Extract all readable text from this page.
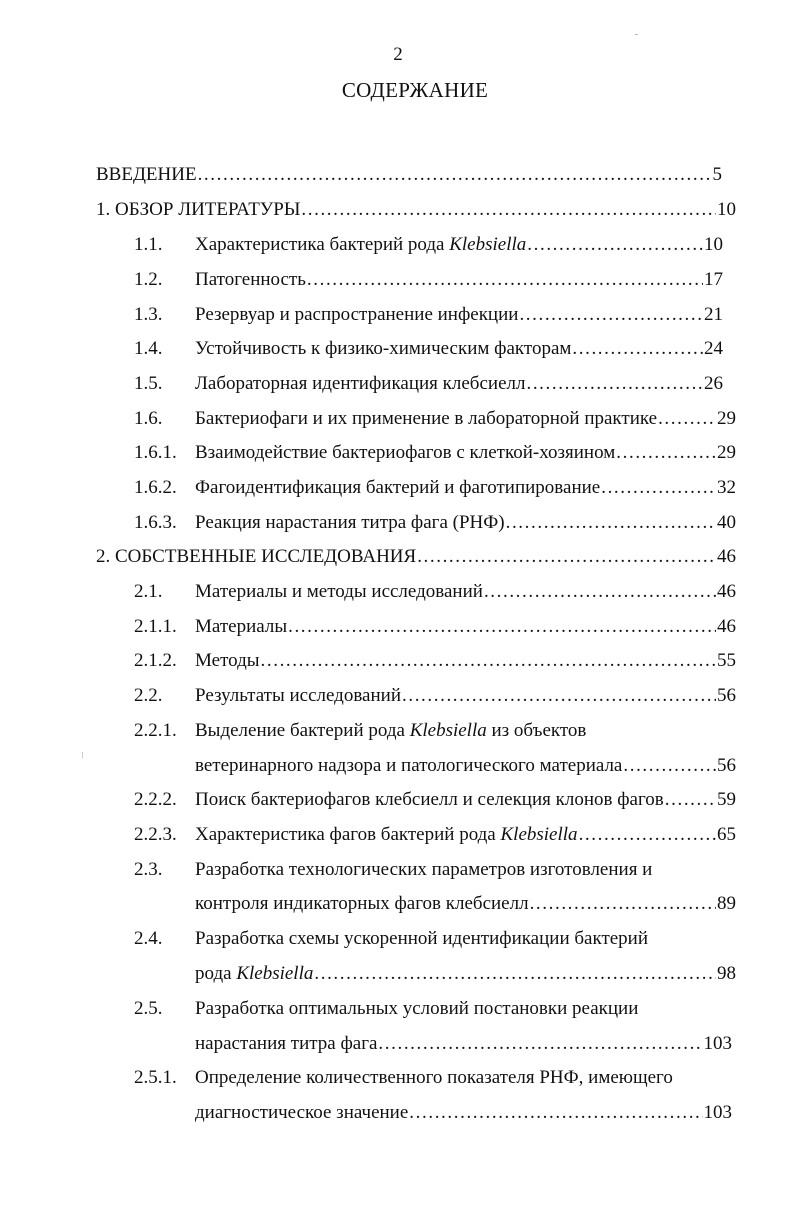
2
СОДЕРЖАНИЕ
ВВЕДЕНИЕ .....	5
1. ОБЗОР ЛИТЕРАТУРЫ .....	10
1.1. Характеристика бактерий рода Klebsiella .....	10
1.2. Патогенность .....	17
1.3. Резервуар и распространение инфекции .....	21
1.4. Устойчивость к физико-химическим факторам .....	24
1.5. Лабораторная идентификация клебсиелл .....	26
1.6. Бактериофаги и их применение в лабораторной практике .....	29
1.6.1. Взаимодействие бактериофагов с клеткой-хозяином .....	29
1.6.2. Фагоидентификация бактерий и фаготипирование .....	32
1.6.3. Реакция нарастания титра фага (РНФ) .....	40
2. СОБСТВЕННЫЕ ИССЛЕДОВАНИЯ .....	46
2.1. Материалы и методы исследований .....	46
2.1.1. Материалы .....	46
2.1.2. Методы .....	55
2.2. Результаты исследований .....	56
2.2.1. Выделение бактерий рода Klebsiella из объектов
ветеринарного надзора и патологического материала .....	56
2.2.2. Поиск бактериофагов клебсиелл и селекция клонов фагов .....	59
2.2.3. Характеристика фагов бактерий рода Klebsiella .....	65
2.3. Разработка технологических параметров изготовления и
контроля индикаторных фагов клебсиелл .....	89
2.4. Разработка схемы ускоренной идентификации бактерий
рода Klebsiella .....	98
2.5. Разработка оптимальных условий постановки реакции
нарастания титра фага .....	103
2.5.1. Определение количественного показателя РНФ, имеющего
диагностическое значение .....	103
